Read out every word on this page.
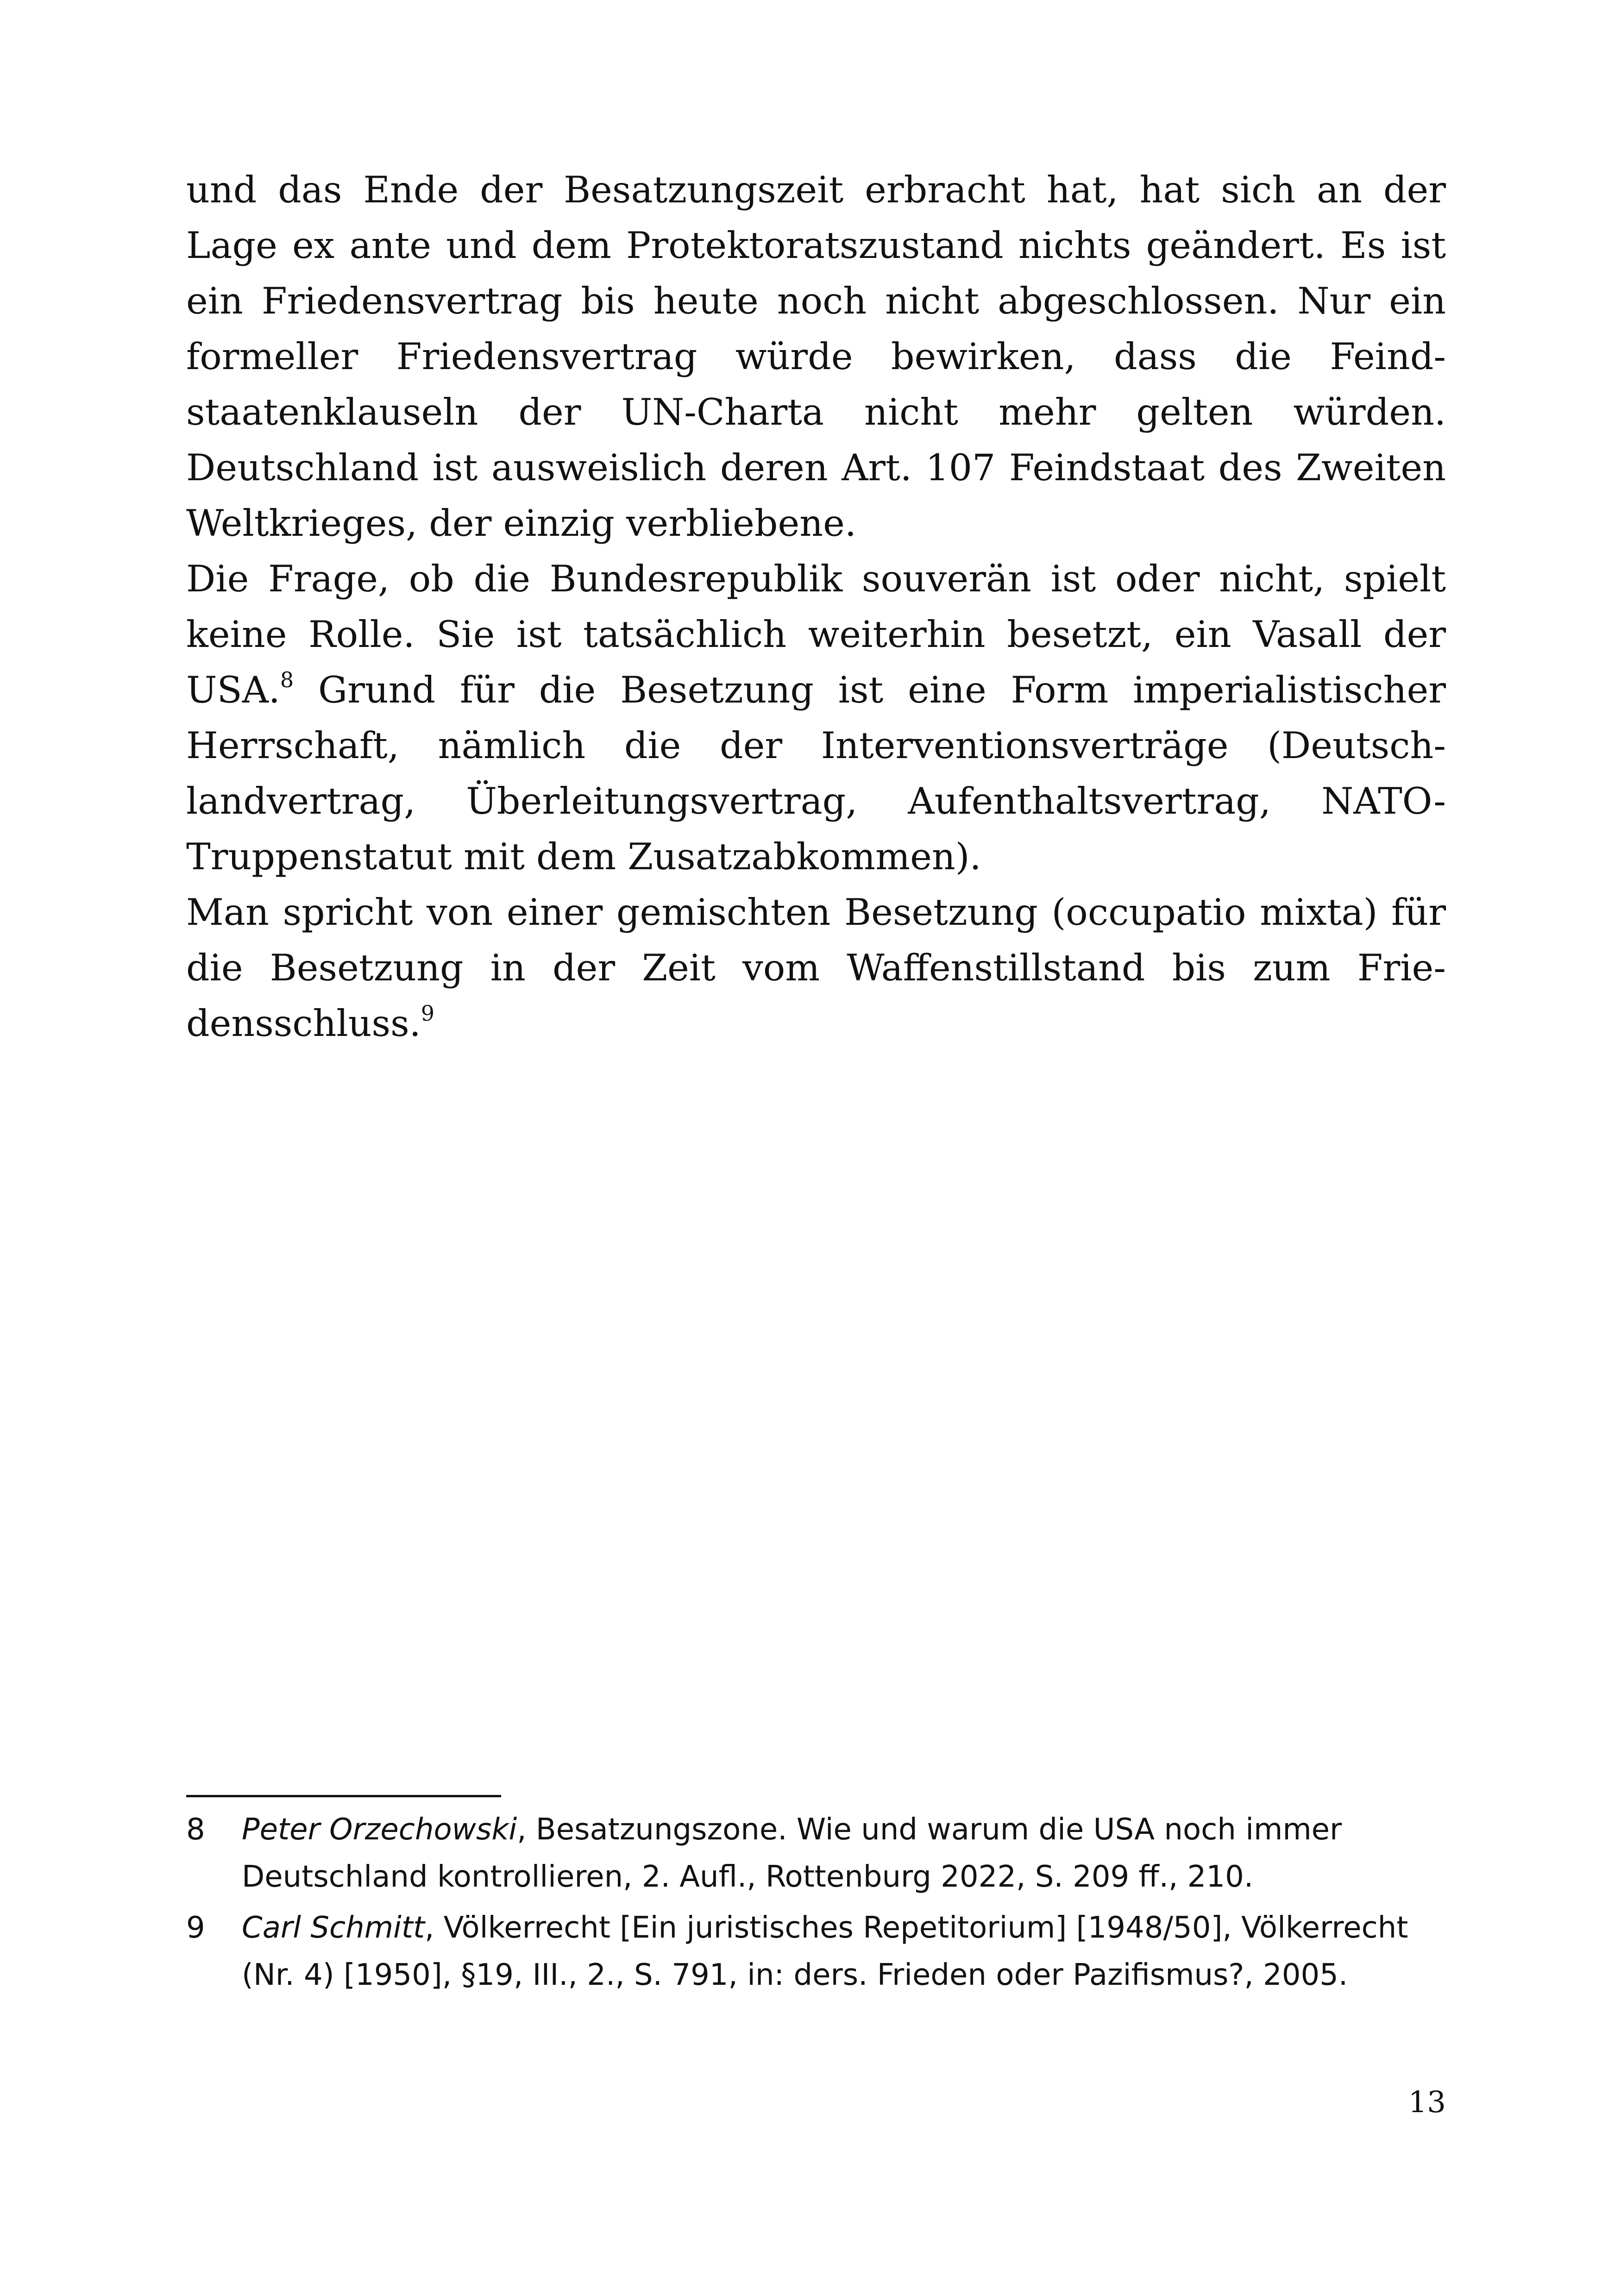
und das Ende der Besatzungszeit erbracht hat, hat sich an der Lage ex ante und dem Protektoratszustand nichts geändert. Es ist ein Friedensvertrag bis heute noch nicht abgeschlossen. Nur ein formeller Friedensvertrag würde bewirken, dass die Feindstaatenklauseln der UN-Charta nicht mehr gelten würden. Deutschland ist ausweislich deren Art. 107 Feindstaat des Zweiten Weltkrieges, der einzig verbliebene.

Die Frage, ob die Bundesrepublik souverän ist oder nicht, spielt keine Rolle. Sie ist tatsächlich weiterhin besetzt, ein Vasall der USA.$^8$ Grund für die Besetzung ist eine Form imperialistischer Herrschaft, nämlich die der Interventionsverträge (Deutschlandvertrag, Überleitungsvertrag, Aufenthaltsvertrag, NATO-Truppenstatut mit dem Zusatzabkommen).

Man spricht von einer gemischten Besetzung (occupatio mixta) für die Besetzung in der Zeit vom Waffenstillstand bis zum Friedensschluss.$^9$

8 Peter Orzechowski, Besatzungszone. Wie und warum die USA noch immer Deutschland kontrollieren, 2. Aufl., Rottenburg 2022, S. 209 ff., 210.
9 Carl Schmitt, Völkerrecht [Ein juristisches Repetitorium] [1948/50], Völkerrecht (Nr. 4) [1950], §19, III., 2., S. 791, in: ders. Frieden oder Pazifismus?, 2005.
13
